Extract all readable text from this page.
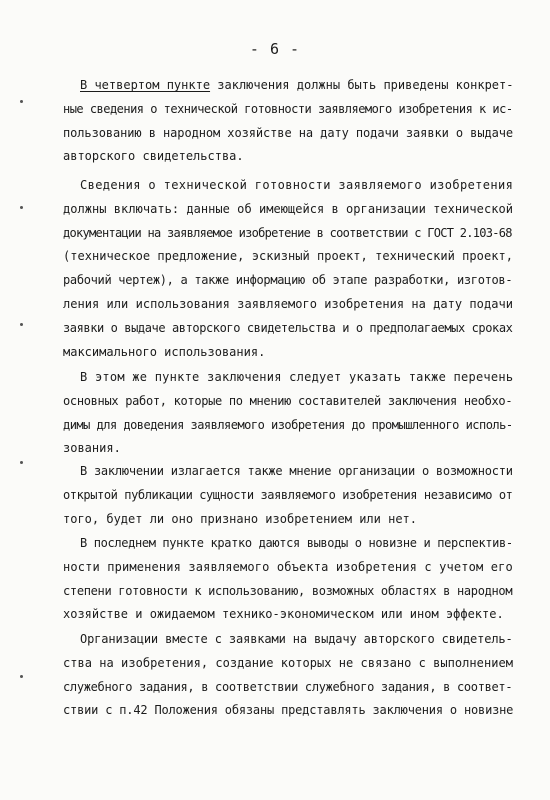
- 6 -
В четвертом пункте заключения должны быть приведены конкрет-
ные сведения о технической готовности заявляемого изобретения к ис-
пользованию в народном хозяйстве на дату подачи заявки о выдаче
авторского свидетельства.
Сведения о технической готовности заявляемого изобретения
должны включать: данные об имеющейся в организации технической
документации на заявляемое изобретение в соответствии с ГОСТ 2.103-68
(техническое предложение, эскизный проект, технический проект,
рабочий чертеж), а также информацию об этапе разработки, изготов-
ления или использования заявляемого изобретения на дату подачи
заявки о выдаче авторского свидетельства и о предполагаемых сроках
максимального использования.
В этом же пункте заключения следует указать также перечень
основных работ, которые по мнению составителей заключения необхо-
димы для доведения заявляемого изобретения до промышленного исполь-
зования.
В заключении излагается также мнение организации о возможности
открытой публикации сущности заявляемого изобретения независимо от
того, будет ли оно признано изобретением или нет.
В последнем пункте кратко даются выводы о новизне и перспектив-
ности применения заявляемого объекта изобретения с учетом его
степени готовности к использованию, возможных областях в народном
хозяйстве и ожидаемом технико-экономическом или ином эффекте.
Организации вместе с заявками на выдачу авторского свидетель-
ства на изобретения, создание которых не связано с выполнением
служебного задания, в соответствии служебного задания, в соответ-
ствии с п.42 Положения обязаны представлять заключения о новизне
